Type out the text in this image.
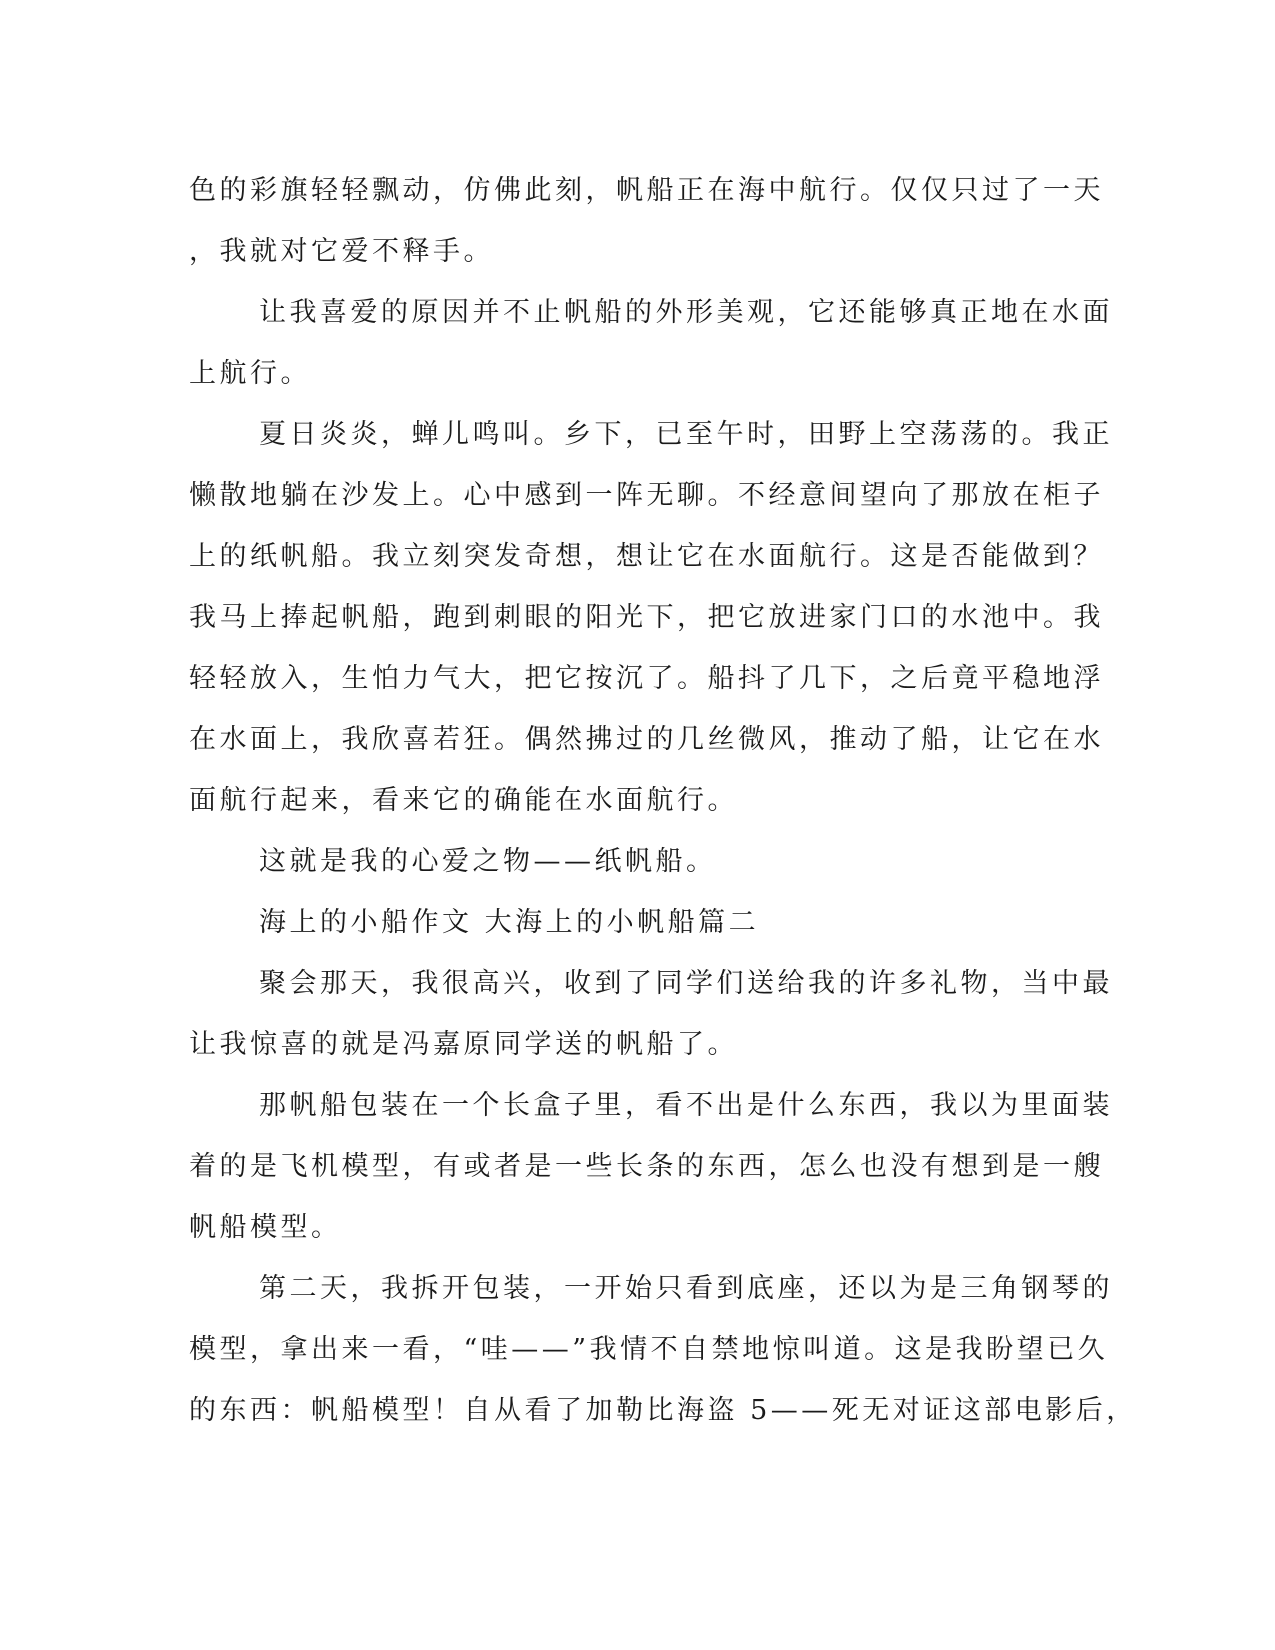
色的彩旗轻轻飘动，仿佛此刻，帆船正在海中航行。仅仅只过了一天
，我就对它爱不释手。
让我喜爱的原因并不止帆船的外形美观，它还能够真正地在水面
上航行。
夏日炎炎，蝉儿鸣叫。乡下，已至午时，田野上空荡荡的。我正
懒散地躺在沙发上。心中感到一阵无聊。不经意间望向了那放在柜子
上的纸帆船。我立刻突发奇想，想让它在水面航行。这是否能做到？
我马上捧起帆船，跑到刺眼的阳光下，把它放进家门口的水池中。我
轻轻放入，生怕力气大，把它按沉了。船抖了几下，之后竟平稳地浮
在水面上，我欣喜若狂。偶然拂过的几丝微风，推动了船，让它在水
面航行起来，看来它的确能在水面航行。
这就是我的心爱之物——纸帆船。
海上的小船作文 大海上的小帆船篇二
聚会那天，我很高兴，收到了同学们送给我的许多礼物，当中最
让我惊喜的就是冯嘉原同学送的帆船了。
那帆船包装在一个长盒子里，看不出是什么东西，我以为里面装
着的是飞机模型，有或者是一些长条的东西，怎么也没有想到是一艘
帆船模型。
第二天，我拆开包装，一开始只看到底座，还以为是三角钢琴的
模型，拿出来一看，“哇——”我情不自禁地惊叫道。这是我盼望已久
的东西：帆船模型！自从看了加勒比海盗 5——死无对证这部电影后，
